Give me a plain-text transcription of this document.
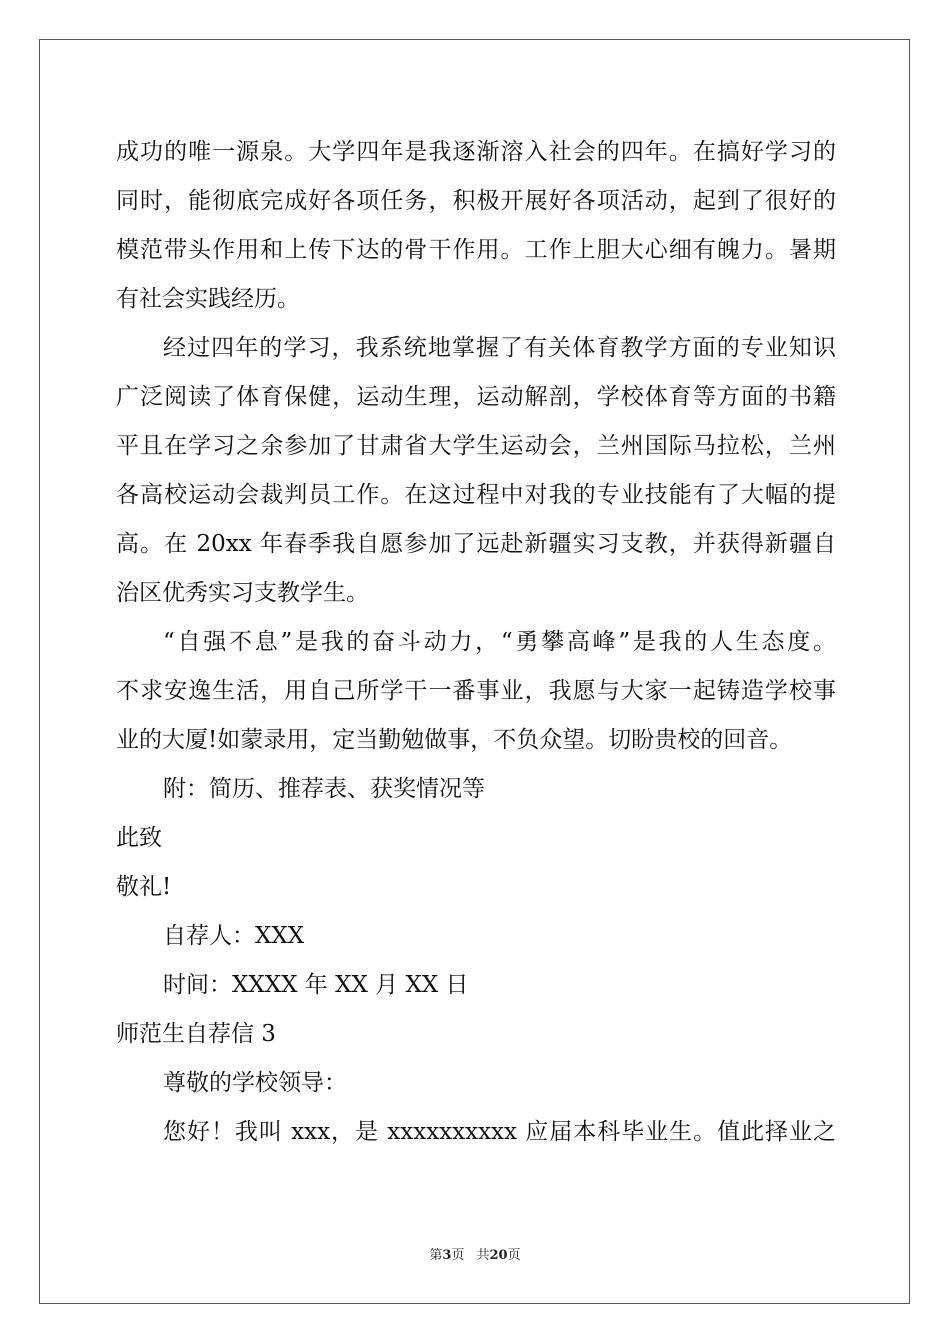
成功的唯一源泉。大学四年是我逐渐溶入社会的四年。在搞好学习的
同时，能彻底完成好各项任务，积极开展好各项活动，起到了很好的
模范带头作用和上传下达的骨干作用。工作上胆大心细有魄力。暑期
有社会实践经历。
经过四年的学习，我系统地掌握了有关体育教学方面的专业知识
广泛阅读了体育保健，运动生理，运动解剖，学校体育等方面的书籍
平且在学习之余参加了甘肃省大学生运动会，兰州国际马拉松，兰州
各高校运动会裁判员工作。在这过程中对我的专业技能有了大幅的提
高。在 20xx 年春季我自愿参加了远赴新疆实习支教，并获得新疆自
治区优秀实习支教学生。
“自强不息”是我的奋斗动力，“勇攀高峰”是我的人生态度。
不求安逸生活，用自己所学干一番事业，我愿与大家一起铸造学校事
业的大厦!如蒙录用，定当勤勉做事，不负众望。切盼贵校的回音。
附：简历、推荐表、获奖情况等
此致
敬礼!
自荐人：XXX
时间：XXXX 年 XX 月 XX 日
师范生自荐信 3
尊敬的学校领导：
您好！我叫 xxx，是 xxxxxxxxxx 应届本科毕业生。值此择业之
第3页 共20页
